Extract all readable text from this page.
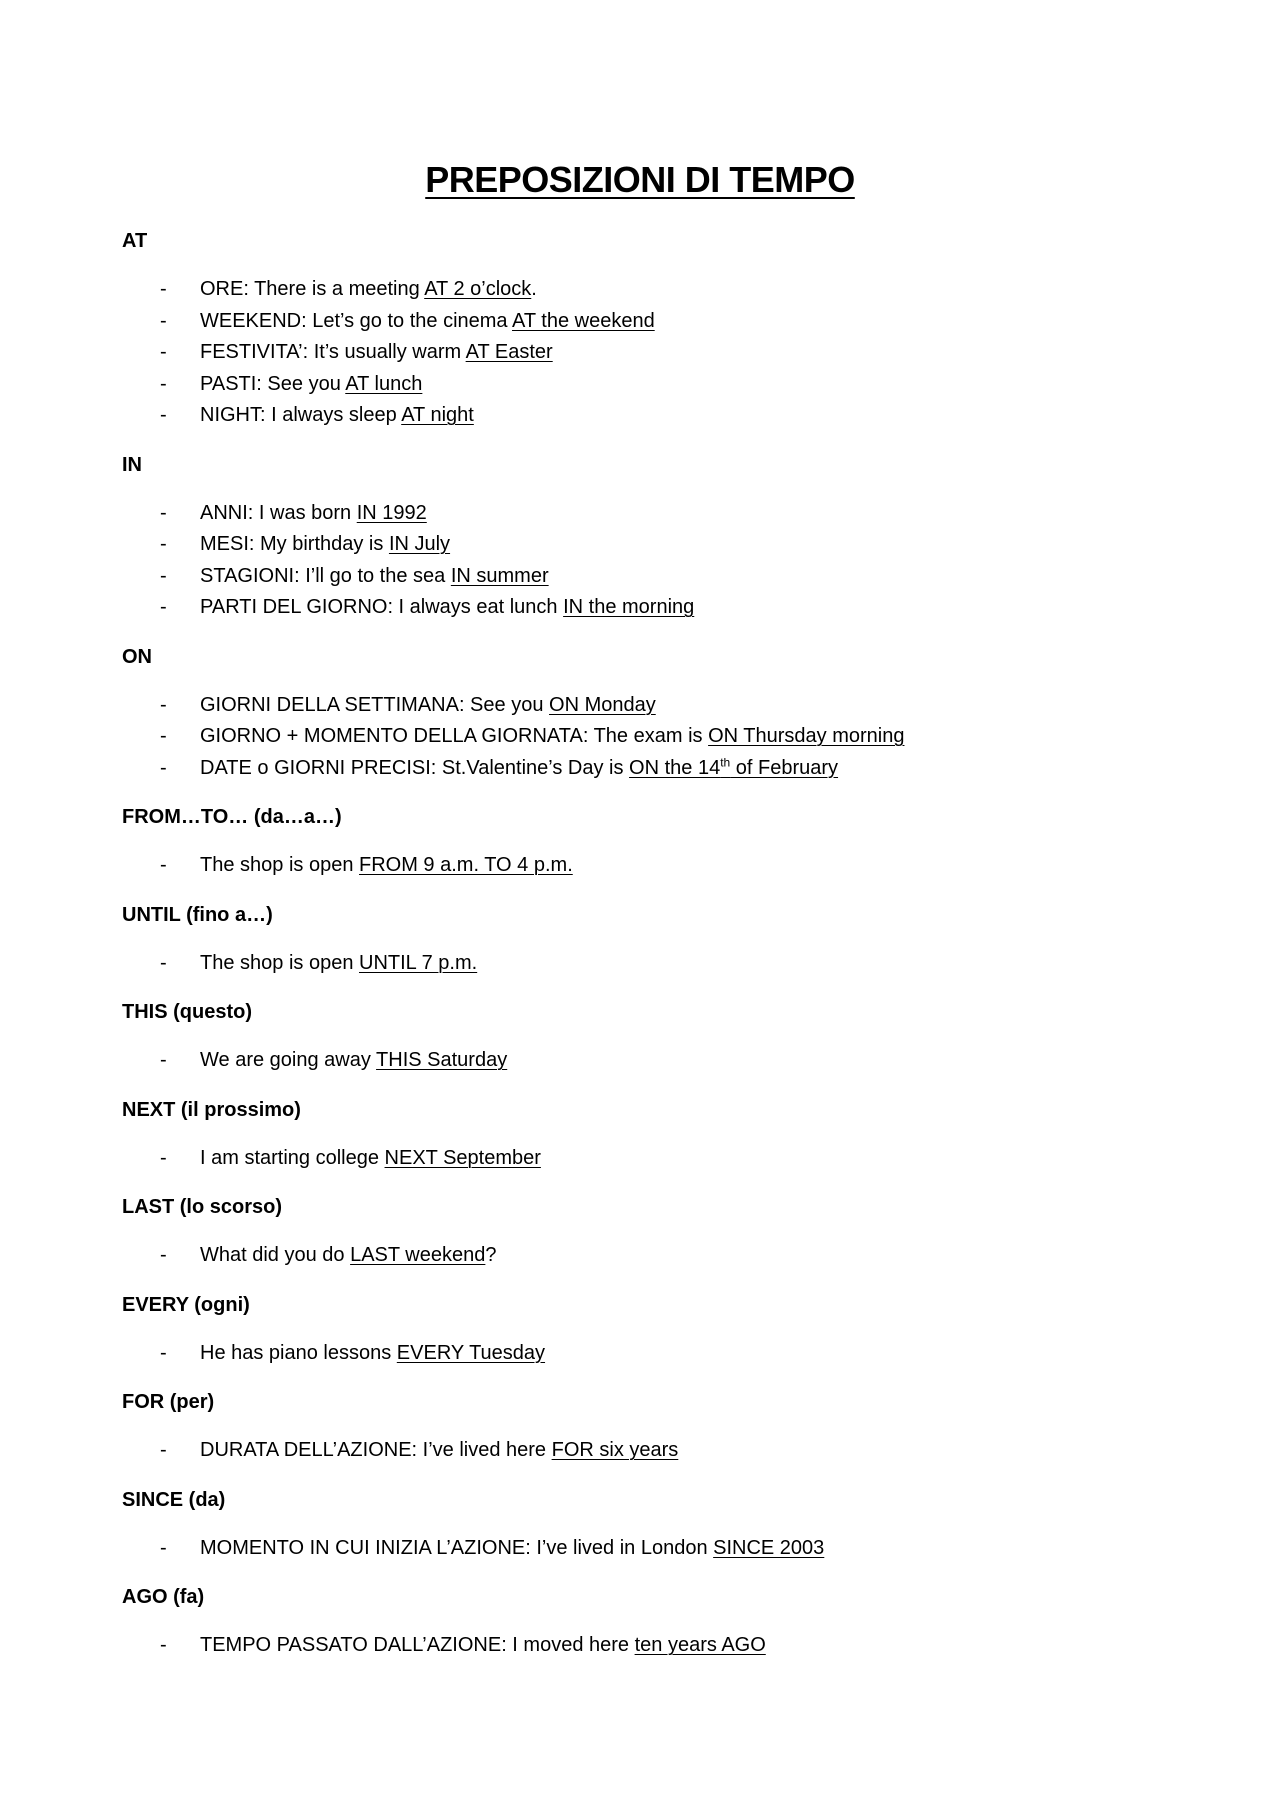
PREPOSIZIONI DI TEMPO
AT
- ORE: There is a meeting AT 2 o’clock.
- WEEKEND: Let’s go to the cinema AT the weekend
- FESTIVITA’: It’s usually warm AT Easter
- PASTI: See you AT lunch
- NIGHT: I always sleep AT night
IN
- ANNI: I was born IN 1992
- MESI: My birthday is IN July
- STAGIONI: I’ll go to the sea IN summer
- PARTI DEL GIORNO: I always eat lunch IN the morning
ON
- GIORNI DELLA SETTIMANA: See you ON Monday
- GIORNO + MOMENTO DELLA GIORNATA: The exam is ON Thursday morning
- DATE o GIORNI PRECISI: St.Valentine’s Day is ON the 14th of February
FROM…TO… (da…a…)
- The shop is open FROM 9 a.m. TO 4 p.m.
UNTIL (fino a…)
- The shop is open UNTIL 7 p.m.
THIS (questo)
- We are going away THIS Saturday
NEXT (il prossimo)
- I am starting college NEXT September
LAST (lo scorso)
- What did you do LAST weekend?
EVERY (ogni)
- He has piano lessons EVERY Tuesday
FOR (per)
- DURATA DELL’AZIONE: I’ve lived here FOR six years
SINCE (da)
- MOMENTO IN CUI INIZIA L’AZIONE: I’ve lived in London SINCE 2003
AGO (fa)
- TEMPO PASSATO DALL’AZIONE: I moved here ten years AGO
